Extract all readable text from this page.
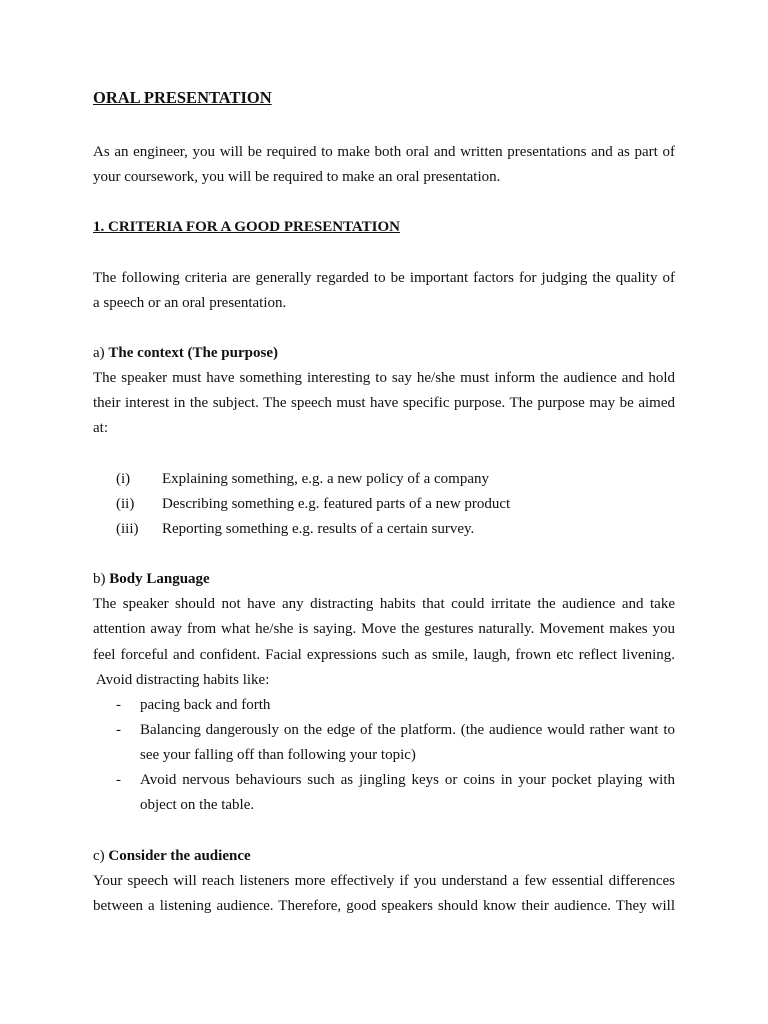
ORAL PRESENTATION
As an engineer, you will be required to make both oral and written presentations and as part of
your coursework, you will be required to make an oral presentation.
1. CRITERIA FOR A GOOD PRESENTATION
The following criteria are generally regarded to be important factors for judging the quality of
a speech or an oral presentation.
a) The context (The purpose)
The speaker must have something interesting to say he/she must inform the audience and hold
their interest in the subject. The speech must have specific purpose. The purpose may be aimed
at:
(i) Explaining something, e.g. a new policy of a company
(ii) Describing something e.g. featured parts of a new product
(iii) Reporting something e.g. results of a certain survey.
b) Body Language
The speaker should not have any distracting habits that could irritate the audience and take
attention away from what he/she is saying. Move the gestures naturally. Movement makes you
feel forceful and confident. Facial expressions such as smile, laugh, frown etc reflect livening.
Avoid distracting habits like:
- pacing back and forth
- Balancing dangerously on the edge of the platform. (the audience would rather want to
see your falling off than following your topic)
- Avoid nervous behaviours such as jingling keys or coins in your pocket playing with
object on the table.
c) Consider the audience
Your speech will reach listeners more effectively if you understand a few essential differences
between a listening audience. Therefore, good speakers should know their audience. They will
